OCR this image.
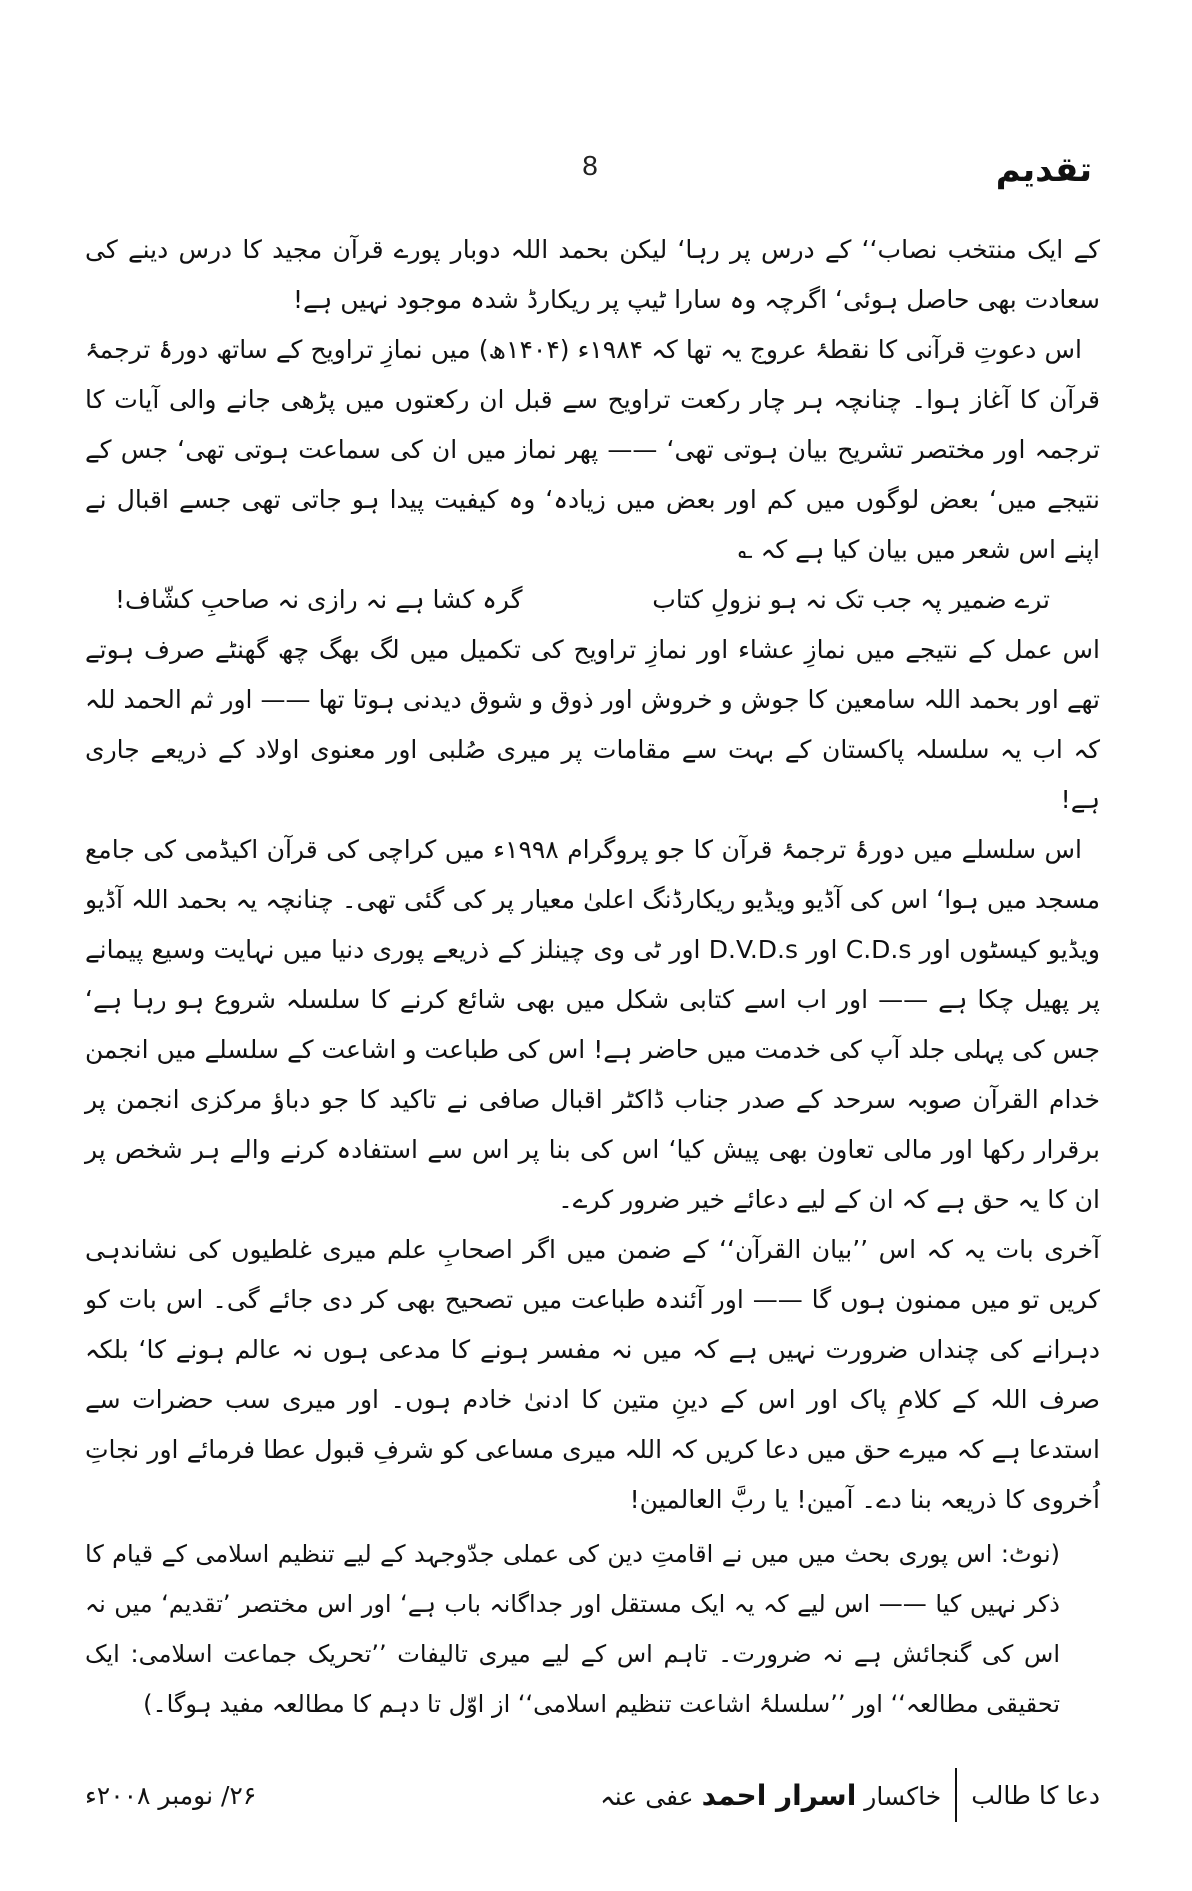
8	تقدیم

کے ایک منتخب نصاب‘‘ کے درس پر رہا‘ لیکن بحمد اللہ دوبار پورے قرآن مجید کا درس دینے کی سعادت بھی حاصل ہوئی‘ اگرچہ وہ سارا ٹیپ پر ریکارڈ شدہ موجود نہیں ہے!

اس دعوتِ قرآنی کا نقطۂ عروج یہ تھا کہ ۱۹۸۴ء (۱۴۰۴ھ) میں نمازِ تراویح کے ساتھ دورۂ ترجمۂ قرآن کا آغاز ہوا۔ چنانچہ ہر چار رکعت تراویح سے قبل ان رکعتوں میں پڑھی جانے والی آیات کا ترجمہ اور مختصر تشریح بیان ہوتی تھی‘ —— پھر نماز میں ان کی سماعت ہوتی تھی‘ جس کے نتیجے میں‘ بعض لوگوں میں کم اور بعض میں زیادہ‘ وہ کیفیت پیدا ہو جاتی تھی جسے اقبال نے اپنے اس شعر میں بیان کیا ہے کہ ؎

ترے ضمیر پہ جب تک نہ ہو نزولِ کتاب
گرہ کشا ہے نہ رازی نہ صاحبِ کشّاف!

اس عمل کے نتیجے میں نمازِ عشاء اور نمازِ تراویح کی تکمیل میں لگ بھگ چھ گھنٹے صرف ہوتے تھے اور بحمد اللہ سامعین کا جوش و خروش اور ذوق و شوق دیدنی ہوتا تھا —— اور ثم الحمد للہ کہ اب یہ سلسلہ پاکستان کے بہت سے مقامات پر میری صُلبی اور معنوی اولاد کے ذریعے جاری ہے!

اس سلسلے میں دورۂ ترجمۂ قرآن کا جو پروگرام ۱۹۹۸ء میں کراچی کی قرآن اکیڈمی کی جامع مسجد میں ہوا‘ اس کی آڈیو ویڈیو ریکارڈنگ اعلیٰ معیار پر کی گئی تھی۔ چنانچہ یہ بحمد اللہ آڈیو ویڈیو کیسٹوں اور C.D.s اور D.V.D.s اور ٹی وی چینلز کے ذریعے پوری دنیا میں نہایت وسیع پیمانے پر پھیل چکا ہے —— اور اب اسے کتابی شکل میں بھی شائع کرنے کا سلسلہ شروع ہو رہا ہے‘ جس کی پہلی جلد آپ کی خدمت میں حاضر ہے! اس کی طباعت و اشاعت کے سلسلے میں انجمن خدام القرآن صوبہ سرحد کے صدر جناب ڈاکٹر اقبال صافی نے تاکید کا جو دباؤ مرکزی انجمن پر برقرار رکھا اور مالی تعاون بھی پیش کیا‘ اس کی بنا پر اس سے استفادہ کرنے والے ہر شخص پر ان کا یہ حق ہے کہ ان کے لیے دعائے خیر ضرور کرے۔

آخری بات یہ کہ اس ’’بیان القرآن‘‘ کے ضمن میں اگر اصحابِ علم میری غلطیوں کی نشاندہی کریں تو میں ممنون ہوں گا —— اور آئندہ طباعت میں تصحیح بھی کر دی جائے گی۔ اس بات کو دہرانے کی چنداں ضرورت نہیں ہے کہ میں نہ مفسر ہونے کا مدعی ہوں نہ عالم ہونے کا‘ بلکہ صرف اللہ کے کلامِ پاک اور اس کے دینِ متین کا ادنیٰ خادم ہوں۔ اور میری سب حضرات سے استدعا ہے کہ میرے حق میں دعا کریں کہ اللہ میری مساعی کو شرفِ قبول عطا فرمائے اور نجاتِ اُخروی کا ذریعہ بنا دے۔ آمین! یا ربَّ العالمین!

(نوٹ: اس پوری بحث میں میں نے اقامتِ دین کی عملی جدّوجہد کے لیے تنظیم اسلامی کے قیام کا ذکر نہیں کیا —— اس لیے کہ یہ ایک مستقل اور جداگانہ باب ہے‘ اور اس مختصر ’تقدیم‘ میں نہ اس کی گنجائش ہے نہ ضرورت۔ تاہم اس کے لیے میری تالیفات ’’تحریک جماعت اسلامی: ایک تحقیقی مطالعہ‘‘ اور ’’سلسلۂ اشاعت تنظیم اسلامی‘‘ از اوّل تا دہم کا مطالعہ مفید ہوگا۔)
دعا کا طالب
خاکسار اسرار احمد عفی عنہ
۲۶/ نومبر ۲۰۰۸ء
